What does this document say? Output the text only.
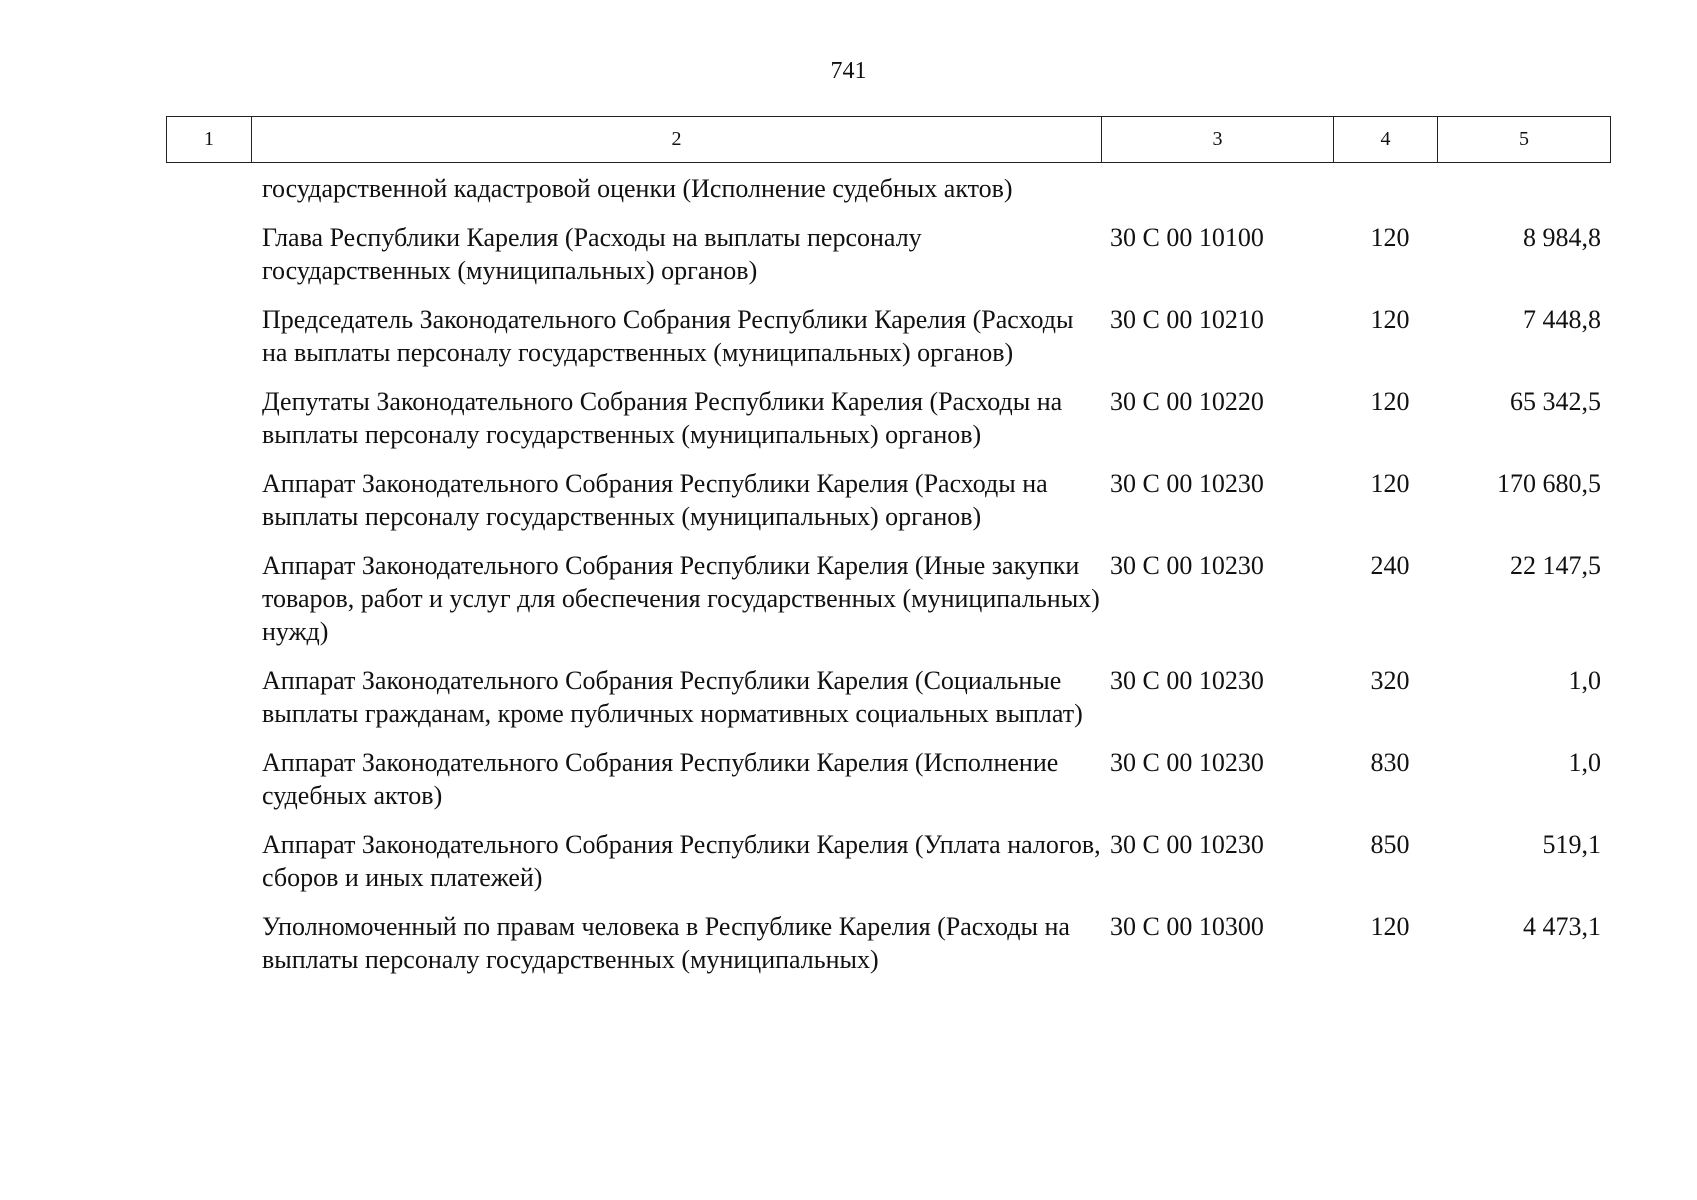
741
1	2	3	4	5
государственной кадастровой оценки (Исполнение судебных актов)
Глава Республики Карелия (Расходы на выплаты персоналу государственных (муниципальных) органов)
30 С 00 10100	120	8 984,8
Председатель Законодательного Собрания Республики Карелия (Расходы на выплаты персоналу государственных (муниципальных) органов)
30 С 00 10210	120	7 448,8
Депутаты Законодательного Собрания Республики Карелия (Расходы на выплаты персоналу государственных (муниципальных) органов)
30 С 00 10220	120	65 342,5
Аппарат Законодательного Собрания Республики Карелия (Расходы на выплаты персоналу государственных (муниципальных) органов)
30 С 00 10230	120	170 680,5
Аппарат Законодательного Собрания Республики Карелия (Иные закупки товаров, работ и услуг для обеспечения государственных (муниципальных) нужд)
30 С 00 10230	240	22 147,5
Аппарат Законодательного Собрания Республики Карелия (Социальные выплаты гражданам, кроме публичных нормативных социальных выплат)
30 С 00 10230	320	1,0
Аппарат Законодательного Собрания Республики Карелия (Исполнение судебных актов)
30 С 00 10230	830	1,0
Аппарат Законодательного Собрания Республики Карелия (Уплата налогов, сборов и иных платежей)
30 С 00 10230	850	519,1
Уполномоченный по правам человека в Республике Карелия (Расходы на выплаты персоналу государственных (муниципальных)
30 С 00 10300	120	4 473,1
